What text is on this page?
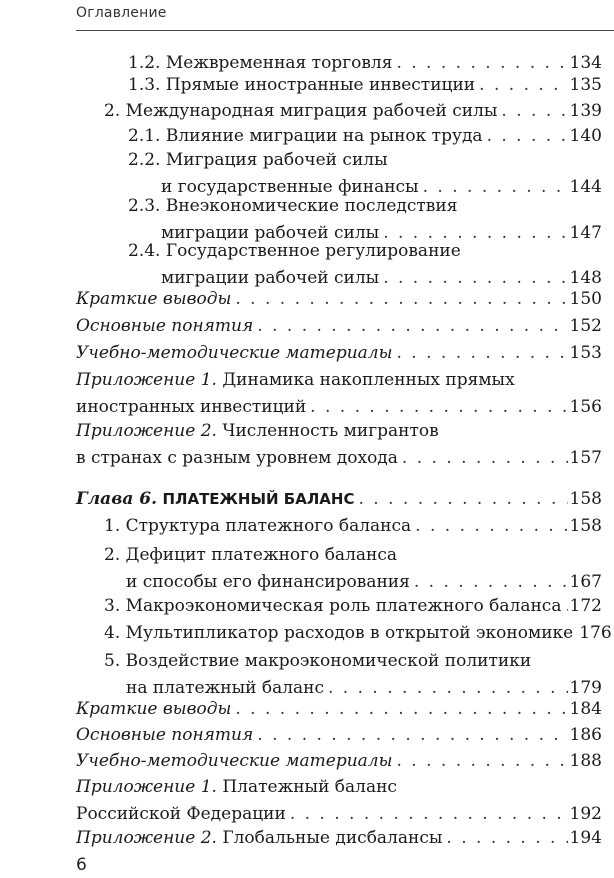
Оглавление
1.2. Межвременная торговля . . .	134
1.3. Прямые иностранные инвестиции . . .	135
2. Международная миграция рабочей силы . . .	139
2.1. Влияние миграции на рынок труда . . .	140
2.2. Миграция рабочей силы
и государственные финансы . . .	144
2.3. Внеэкономические последствия
миграции рабочей силы . . .	147
2.4. Государственное регулирование
миграции рабочей силы . . .	148
Краткие выводы . . .	150
Основные понятия . . .	152
Учебно-методические материалы . . .	153
Приложение 1. Динамика накопленных прямых
иностранных инвестиций . . .	156
Приложение 2. Численность мигрантов
в странах с разным уровнем дохода . . .	157
Глава 6. ПЛАТЕЖНЫЙ БАЛАНС . . .	158
1. Структура платежного баланса . . .	158
2. Дефицит платежного баланса
и способы его финансирования . . .	167
3. Макроэкономическая роль платежного баланса . . . 172
4. Мультипликатор расходов в открытой экономике 176
5. Воздействие макроэкономической политики
на платежный баланс . . .	179
Краткие выводы . . .	184
Основные понятия . . .	186
Учебно-методические материалы . . .	188
Приложение 1. Платежный баланс
Российской Федерации . . .	192
Приложение 2. Глобальные дисбалансы . . .	194
6
